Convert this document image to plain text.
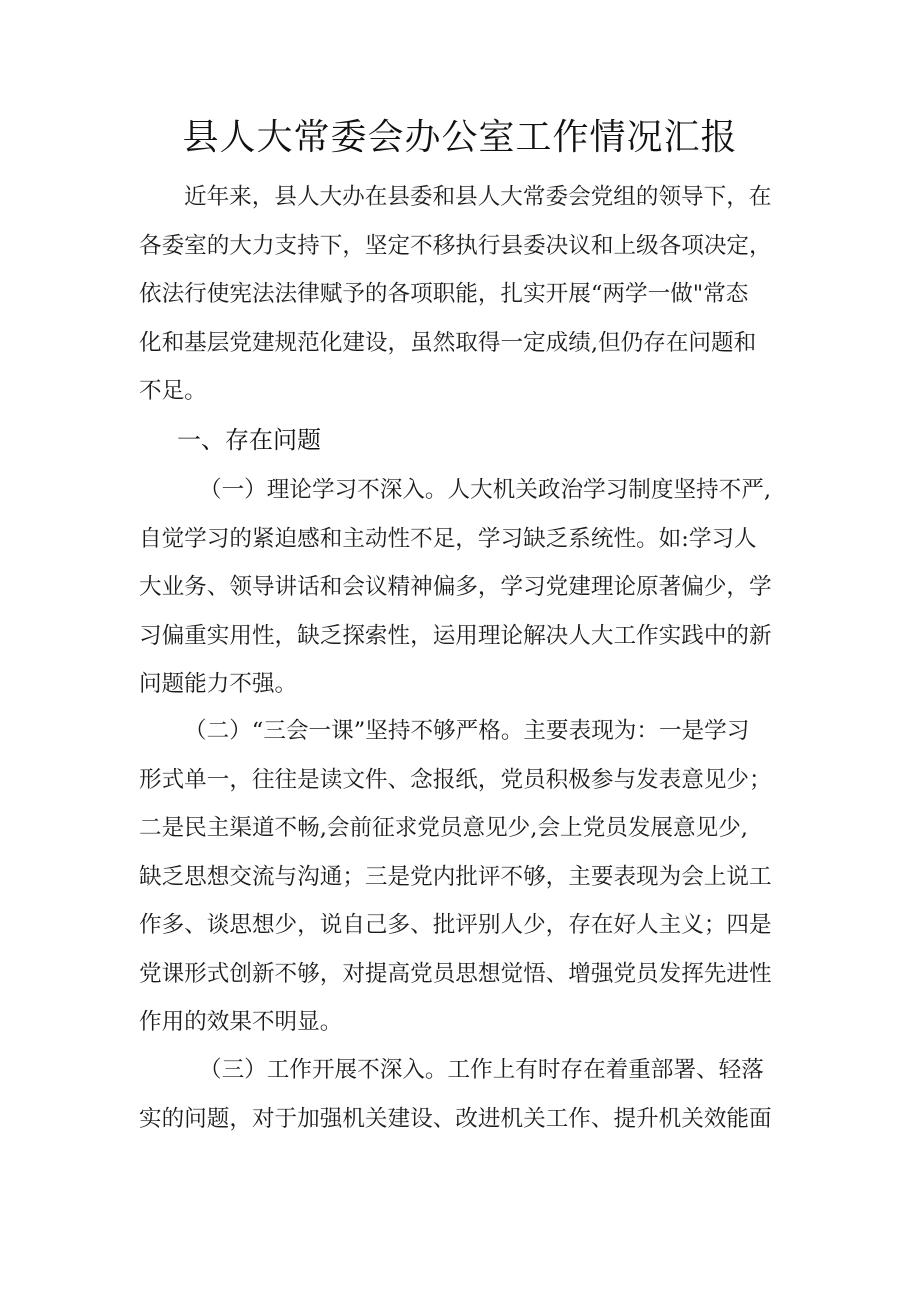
县人大常委会办公室工作情况汇报
近年来，县人大办在县委和县人大常委会党组的领导下，在
各委室的大力支持下，坚定不移执行县委决议和上级各项决定，
依法行使宪法法律赋予的各项职能，扎实开展“两学一做"常态
化和基层党建规范化建设，虽然取得一定成绩,但仍存在问题和
不足。
一、存在问题
（一）理论学习不深入。人大机关政治学习制度坚持不严,
自觉学习的紧迫感和主动性不足，学习缺乏系统性。如:学习人
大业务、领导讲话和会议精神偏多，学习党建理论原著偏少，学
习偏重实用性，缺乏探索性，运用理论解决人大工作实践中的新
问题能力不强。
（二）“三会一课”坚持不够严格。主要表现为：一是学习
形式单一，往往是读文件、念报纸，党员积极参与发表意见少；
二是民主渠道不畅,会前征求党员意见少,会上党员发展意见少,
缺乏思想交流与沟通；三是党内批评不够，主要表现为会上说工
作多、谈思想少，说自己多、批评别人少，存在好人主义；四是
党课形式创新不够，对提高党员思想觉悟、增强党员发挥先进性
作用的效果不明显。
（三）工作开展不深入。工作上有时存在着重部署、轻落
实的问题，对于加强机关建设、改进机关工作、提升机关效能面
